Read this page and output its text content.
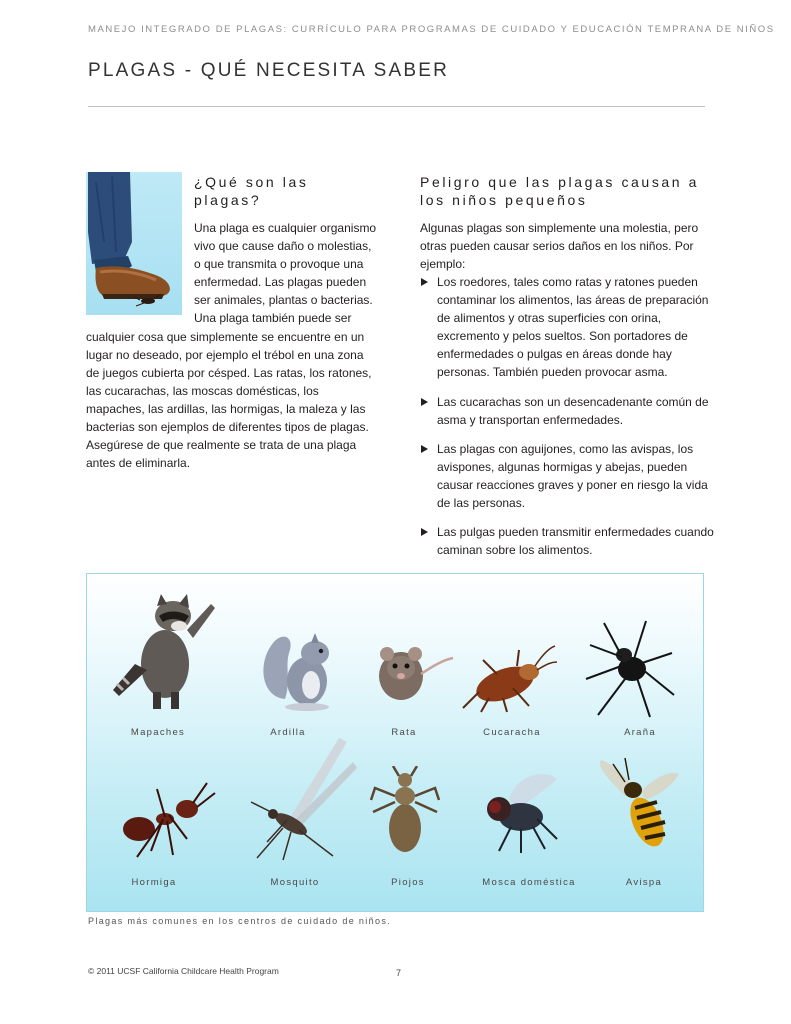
MANEJO INTEGRADO DE PLAGAS: CURRÍCULO PARA PROGRAMAS DE CUIDADO Y EDUCACIÓN TEMPRANA DE NIÑOS
PLAGAS - QUÉ NECESITA SABER
¿Qué son las plagas?

Una plaga es cualquier organismo vivo que cause daño o molestias, o que transmita o provoque una enfermedad. Las plagas pueden ser animales, plantas o bacterias. Una plaga también puede ser cualquier cosa que simplemente se encuentre en un lugar no deseado, por ejemplo el trébol en una zona de juegos cubierta por césped. Las ratas, los ratones, las cucarachas, las moscas domésticas, los mapaches, las ardillas, las hormigas, la maleza y las bacterias son ejemplos de diferentes tipos de plagas. Asegúrese de que realmente se trata de una plaga antes de eliminarla.

Peligro que las plagas causan a los niños pequeños

Algunas plagas son simplemente una molestia, pero otras pueden causar serios daños en los niños. Por ejemplo:

Los roedores, tales como ratas y ratones pueden contaminar los alimentos, las áreas de preparación de alimentos y otras superficies con orina, excremento y pelos sueltos. Son portadores de enfermedades o pulgas en áreas donde hay personas. También pueden provocar asma.
Las cucarachas son un desencadenante común de asma y transportan enfermedades.
Las plagas con aguijones, como las avispas, los avispones, algunas hormigas y abejas, pueden causar reacciones graves y poner en riesgo la vida de las personas.
Las pulgas pueden transmitir enfermedades cuando caminan sobre los alimentos.
Mapaches	Ardilla	Rata	Cucaracha	Araña
Hormiga	Mosquito	Piojos	Mosca doméstica	Avispa
Plagas más comunes en los centros de cuidado de niños.
© 2011 UCSF California Childcare Health Program	7
